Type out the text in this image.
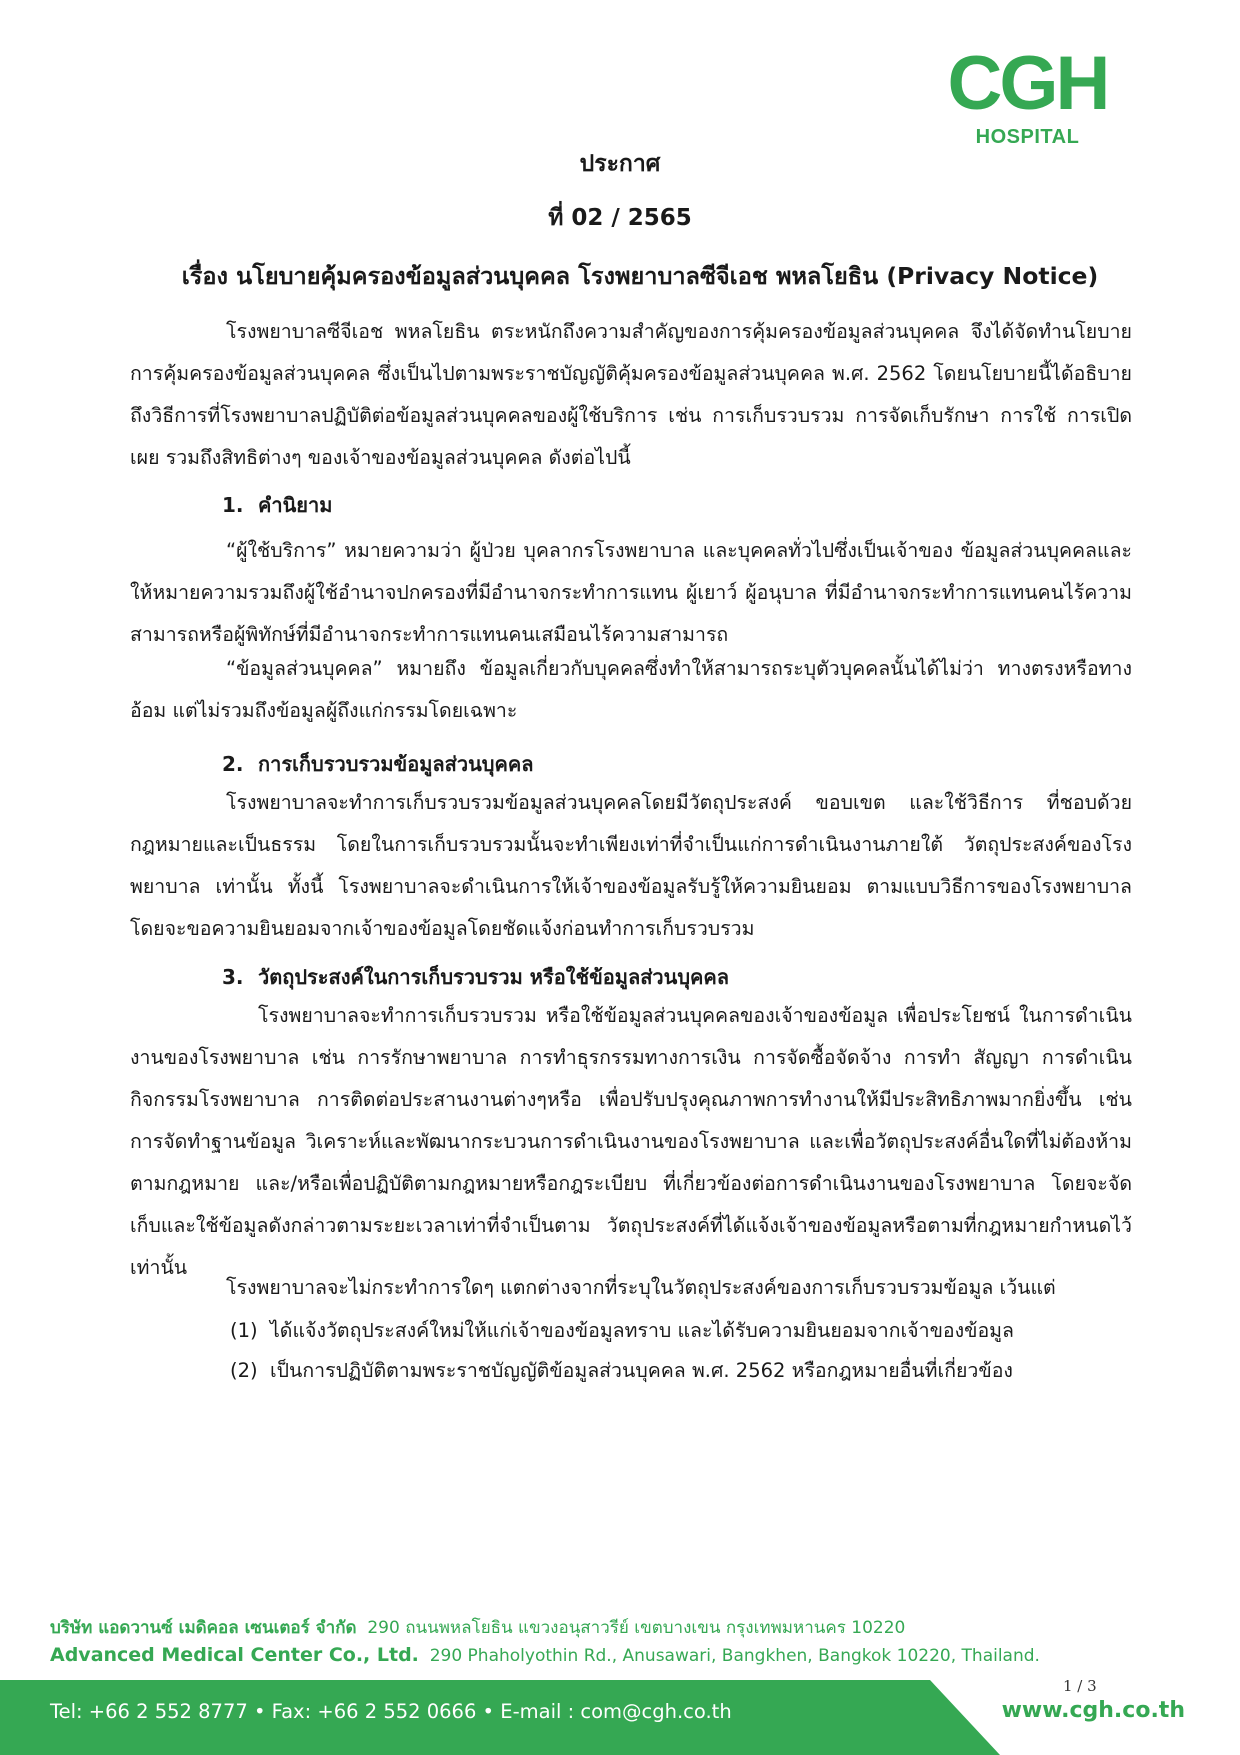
CGH
HOSPITAL
ประกาศ
ที่ 02 / 2565
เรื่อง นโยบายคุ้มครองข้อมูลส่วนบุคคล โรงพยาบาลซีจีเอช พหลโยธิน (Privacy Notice)
โรงพยาบาลซีจีเอช พหลโยธิน ตระหนักถึงความสำคัญของการคุ้มครองข้อมูลส่วนบุคคล จึงได้จัดทำนโยบายการคุ้มครองข้อมูลส่วนบุคคล ซึ่งเป็นไปตามพระราชบัญญัติคุ้มครองข้อมูลส่วนบุคคล พ.ศ. 2562 โดยนโยบายนี้ได้อธิบายถึงวิธีการที่โรงพยาบาลปฏิบัติต่อข้อมูลส่วนบุคคลของผู้ใช้บริการ เช่น การเก็บรวบรวม การจัดเก็บรักษา การใช้ การเปิดเผย รวมถึงสิทธิต่างๆ ของเจ้าของข้อมูลส่วนบุคคล ดังต่อไปนี้
1. คำนิยาม
“ผู้ใช้บริการ” หมายความว่า ผู้ป่วย บุคลากรโรงพยาบาล และบุคคลทั่วไปซึ่งเป็นเจ้าของ ข้อมูลส่วนบุคคลและให้หมายความรวมถึงผู้ใช้อำนาจปกครองที่มีอำนาจกระทำการแทน ผู้เยาว์ ผู้อนุบาล ที่มีอำนาจกระทำการแทนคนไร้ความสามารถหรือผู้พิทักษ์ที่มีอำนาจกระทำการแทนคนเสมือนไร้ความสามารถ
“ข้อมูลส่วนบุคคล” หมายถึง ข้อมูลเกี่ยวกับบุคคลซึ่งทำให้สามารถระบุตัวบุคคลนั้นได้ไม่ว่า ทางตรงหรือทางอ้อม แต่ไม่รวมถึงข้อมูลผู้ถึงแก่กรรมโดยเฉพาะ
2. การเก็บรวบรวมข้อมูลส่วนบุคคล
โรงพยาบาลจะทำการเก็บรวบรวมข้อมูลส่วนบุคคลโดยมีวัตถุประสงค์ ขอบเขต และใช้วิธีการ ที่ชอบด้วยกฎหมายและเป็นธรรม โดยในการเก็บรวบรวมนั้นจะทำเพียงเท่าที่จำเป็นแก่การดำเนินงานภายใต้ วัตถุประสงค์ของโรงพยาบาล เท่านั้น ทั้งนี้ โรงพยาบาลจะดำเนินการให้เจ้าของข้อมูลรับรู้ให้ความยินยอม ตามแบบวิธีการของโรงพยาบาล โดยจะขอความยินยอมจากเจ้าของข้อมูลโดยชัดแจ้งก่อนทำการเก็บรวบรวม
3. วัตถุประสงค์ในการเก็บรวบรวม หรือใช้ข้อมูลส่วนบุคคล
โรงพยาบาลจะทำการเก็บรวบรวม หรือใช้ข้อมูลส่วนบุคคลของเจ้าของข้อมูล เพื่อประโยชน์ ในการดำเนินงานของโรงพยาบาล เช่น การรักษาพยาบาล การทำธุรกรรมทางการเงิน การจัดซื้อจัดจ้าง การทำ สัญญา การดำเนินกิจกรรมโรงพยาบาล การติดต่อประสานงานต่างๆหรือ เพื่อปรับปรุงคุณภาพการทำงานให้มีประสิทธิภาพมากยิ่งขึ้น เช่น การจัดทำฐานข้อมูล วิเคราะห์และพัฒนากระบวนการดำเนินงานของโรงพยาบาล และเพื่อวัตถุประสงค์อื่นใดที่ไม่ต้องห้ามตามกฎหมาย และ/หรือเพื่อปฏิบัติตามกฎหมายหรือกฎระเบียบ ที่เกี่ยวข้องต่อการดำเนินงานของโรงพยาบาล โดยจะจัดเก็บและใช้ข้อมูลดังกล่าวตามระยะเวลาเท่าที่จำเป็นตาม วัตถุประสงค์ที่ได้แจ้งเจ้าของข้อมูลหรือตามที่กฎหมายกำหนดไว้เท่านั้น
โรงพยาบาลจะไม่กระทำการใดๆ แตกต่างจากที่ระบุในวัตถุประสงค์ของการเก็บรวบรวมข้อมูล เว้นแต่
(1) ได้แจ้งวัตถุประสงค์ใหม่ให้แก่เจ้าของข้อมูลทราบ และได้รับความยินยอมจากเจ้าของข้อมูล
(2) เป็นการปฏิบัติตามพระราชบัญญัติข้อมูลส่วนบุคคล พ.ศ. 2562 หรือกฎหมายอื่นที่เกี่ยวข้อง
บริษัท แอดวานซ์ เมดิคอล เซนเตอร์ จำกัด 290 ถนนพหลโยธิน แขวงอนุสาวรีย์ เขตบางเขน กรุงเทพมหานคร 10220
Advanced Medical Center Co., Ltd. 290 Phaholyothin Rd., Anusawari, Bangkhen, Bangkok 10220, Thailand.
1 / 3
Tel: +66 2 552 8777 • Fax: +66 2 552 0666 • E-mail : com@cgh.co.th	www.cgh.co.th
